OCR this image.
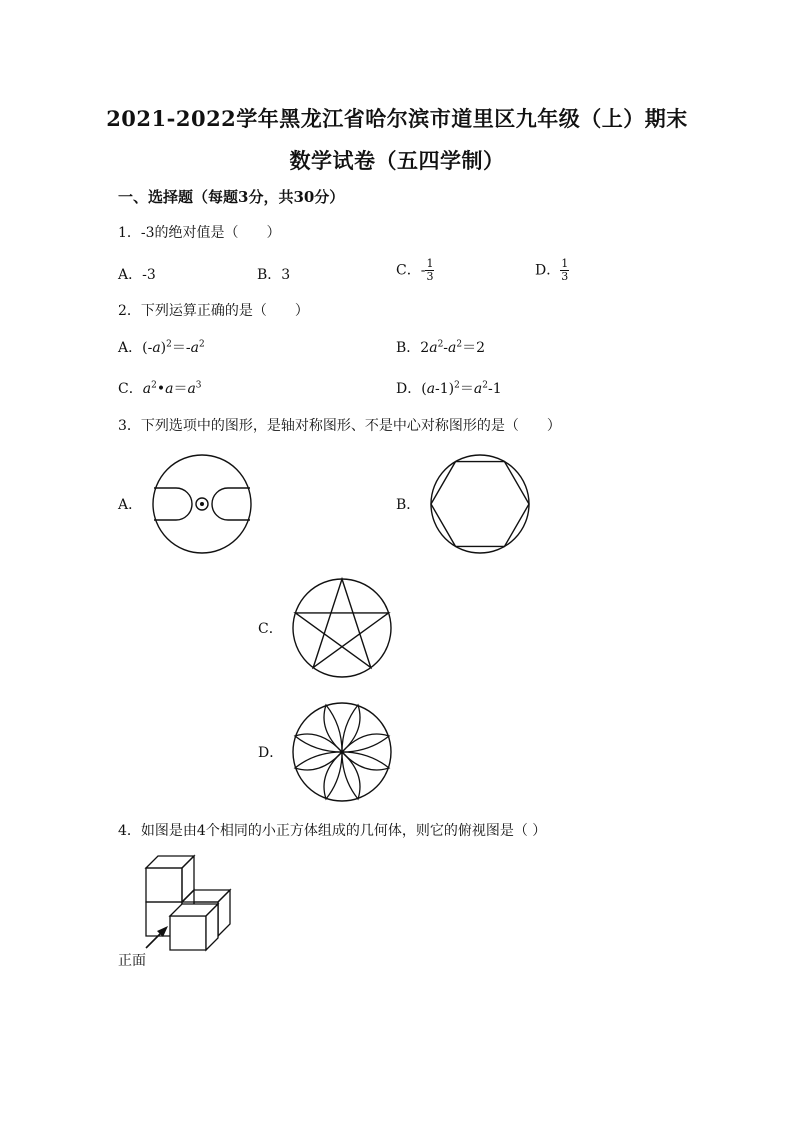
2021-2022学年黑龙江省哈尔滨市道里区九年级（上）期末
数学试卷（五四学制）
一、选择题（每题3分，共30分）
1．-3的绝对值是（　　）
A．-3	B．3	C．- $\frac{1}{3}$	D． $\frac{1}{3}$
2．下列运算正确的是（　　）
A．$(-a)^2=-a^2$	B．$2a^2-a^2=2$
C．$a^2•a=a^3$	D．$(a-1)^2=a^2-1$
3．下列选项中的图形，是轴对称图形、不是中心对称图形的是（　　）
A．	B．
C．
D．
4．如图是由4个相同的小正方体组成的几何体，则它的俯视图是（ ）
正面
